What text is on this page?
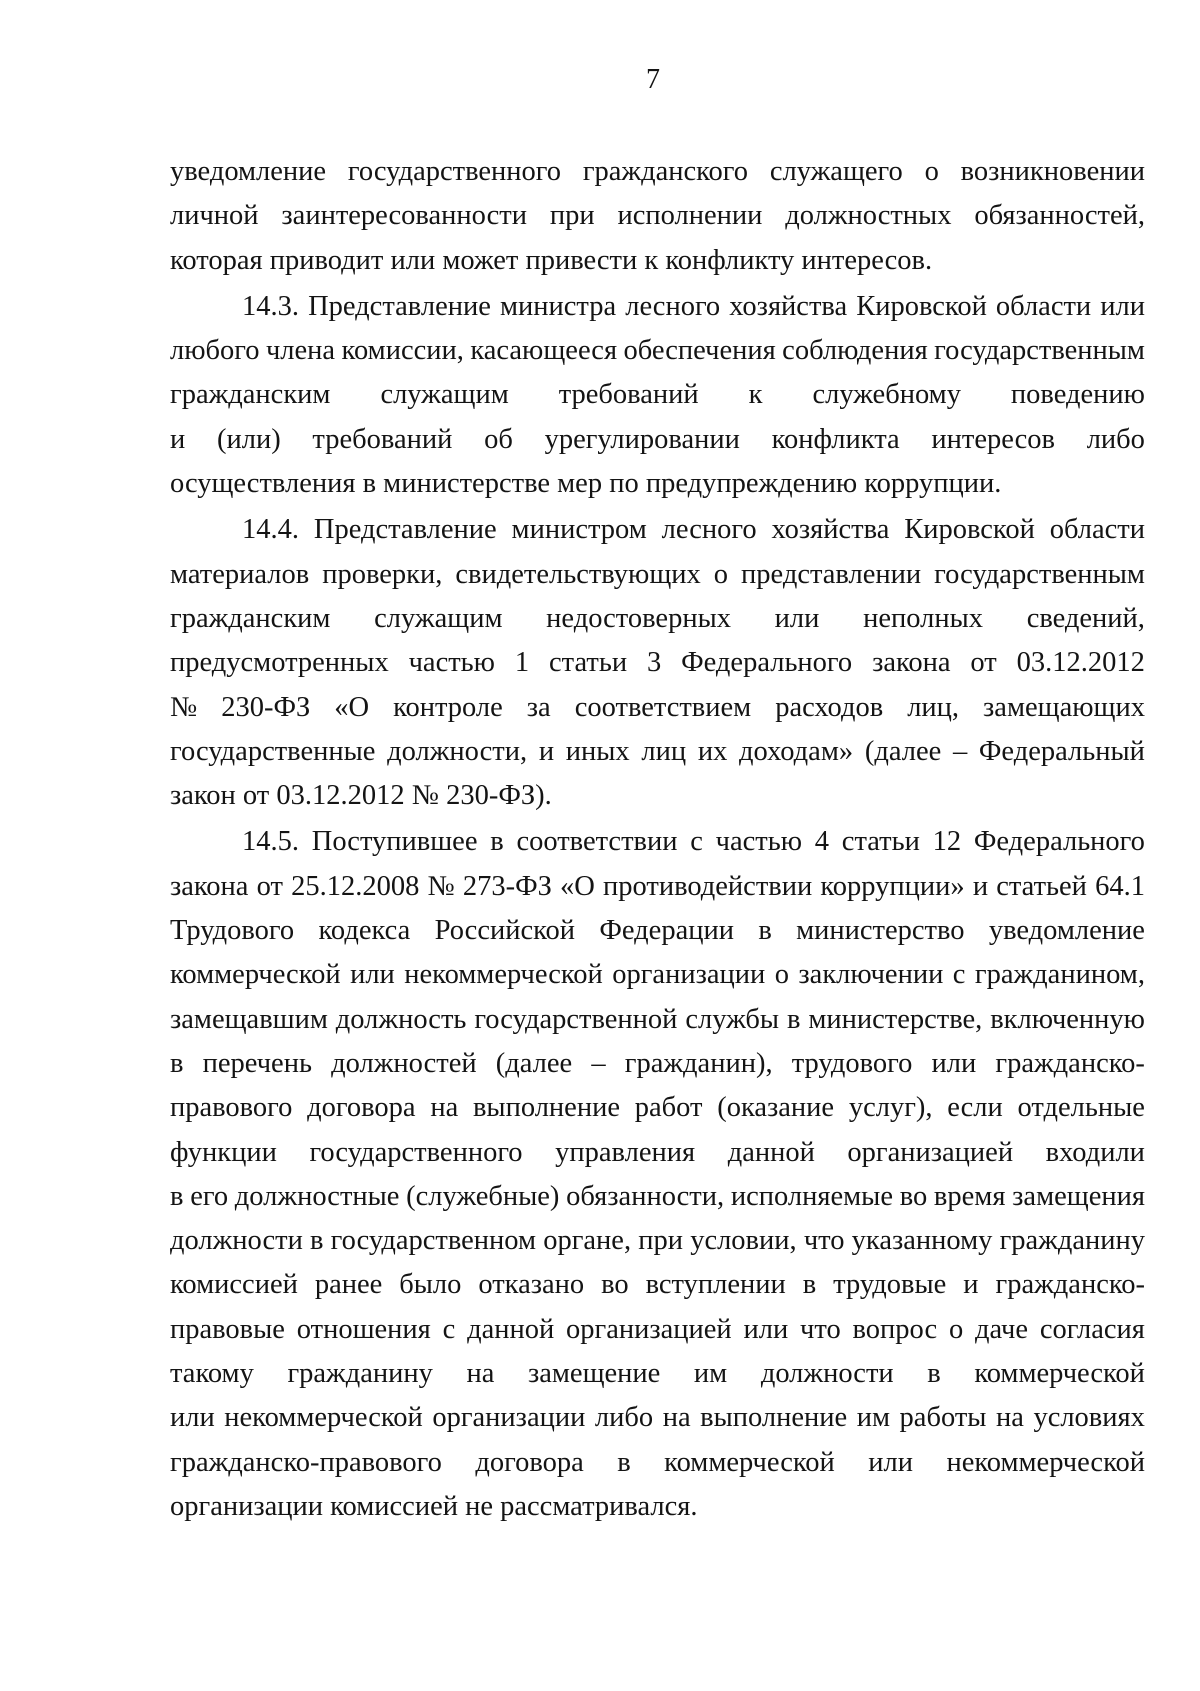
7
уведомление государственного гражданского служащего о возникновении
личной заинтересованности при исполнении должностных обязанностей,
которая приводит или может привести к конфликту интересов.
14.3. Представление министра лесного хозяйства Кировской области или
любого члена комиссии, касающееся обеспечения соблюдения государственным
гражданским служащим требований к служебному поведению
и (или) требований об урегулировании конфликта интересов либо
осуществления в министерстве мер по предупреждению коррупции.
14.4. Представление министром лесного хозяйства Кировской области
материалов проверки, свидетельствующих о представлении государственным
гражданским служащим недостоверных или неполных сведений,
предусмотренных частью 1 статьи 3 Федерального закона от 03.12.2012
№ 230-ФЗ «О контроле за соответствием расходов лиц, замещающих
государственные должности, и иных лиц их доходам» (далее – Федеральный
закон от 03.12.2012 № 230-ФЗ).
14.5. Поступившее в соответствии с частью 4 статьи 12 Федерального
закона от 25.12.2008 № 273-ФЗ «О противодействии коррупции» и статьей 64.1
Трудового кодекса Российской Федерации в министерство уведомление
коммерческой или некоммерческой организации о заключении с гражданином,
замещавшим должность государственной службы в министерстве, включенную
в перечень должностей (далее – гражданин), трудового или гражданско-
правового договора на выполнение работ (оказание услуг), если отдельные
функции государственного управления данной организацией входили
в его должностные (служебные) обязанности, исполняемые во время замещения
должности в государственном органе, при условии, что указанному гражданину
комиссией ранее было отказано во вступлении в трудовые и гражданско-
правовые отношения с данной организацией или что вопрос о даче согласия
такому гражданину на замещение им должности в коммерческой
или некоммерческой организации либо на выполнение им работы на условиях
гражданско-правового договора в коммерческой или некоммерческой
организации комиссией не рассматривался.
